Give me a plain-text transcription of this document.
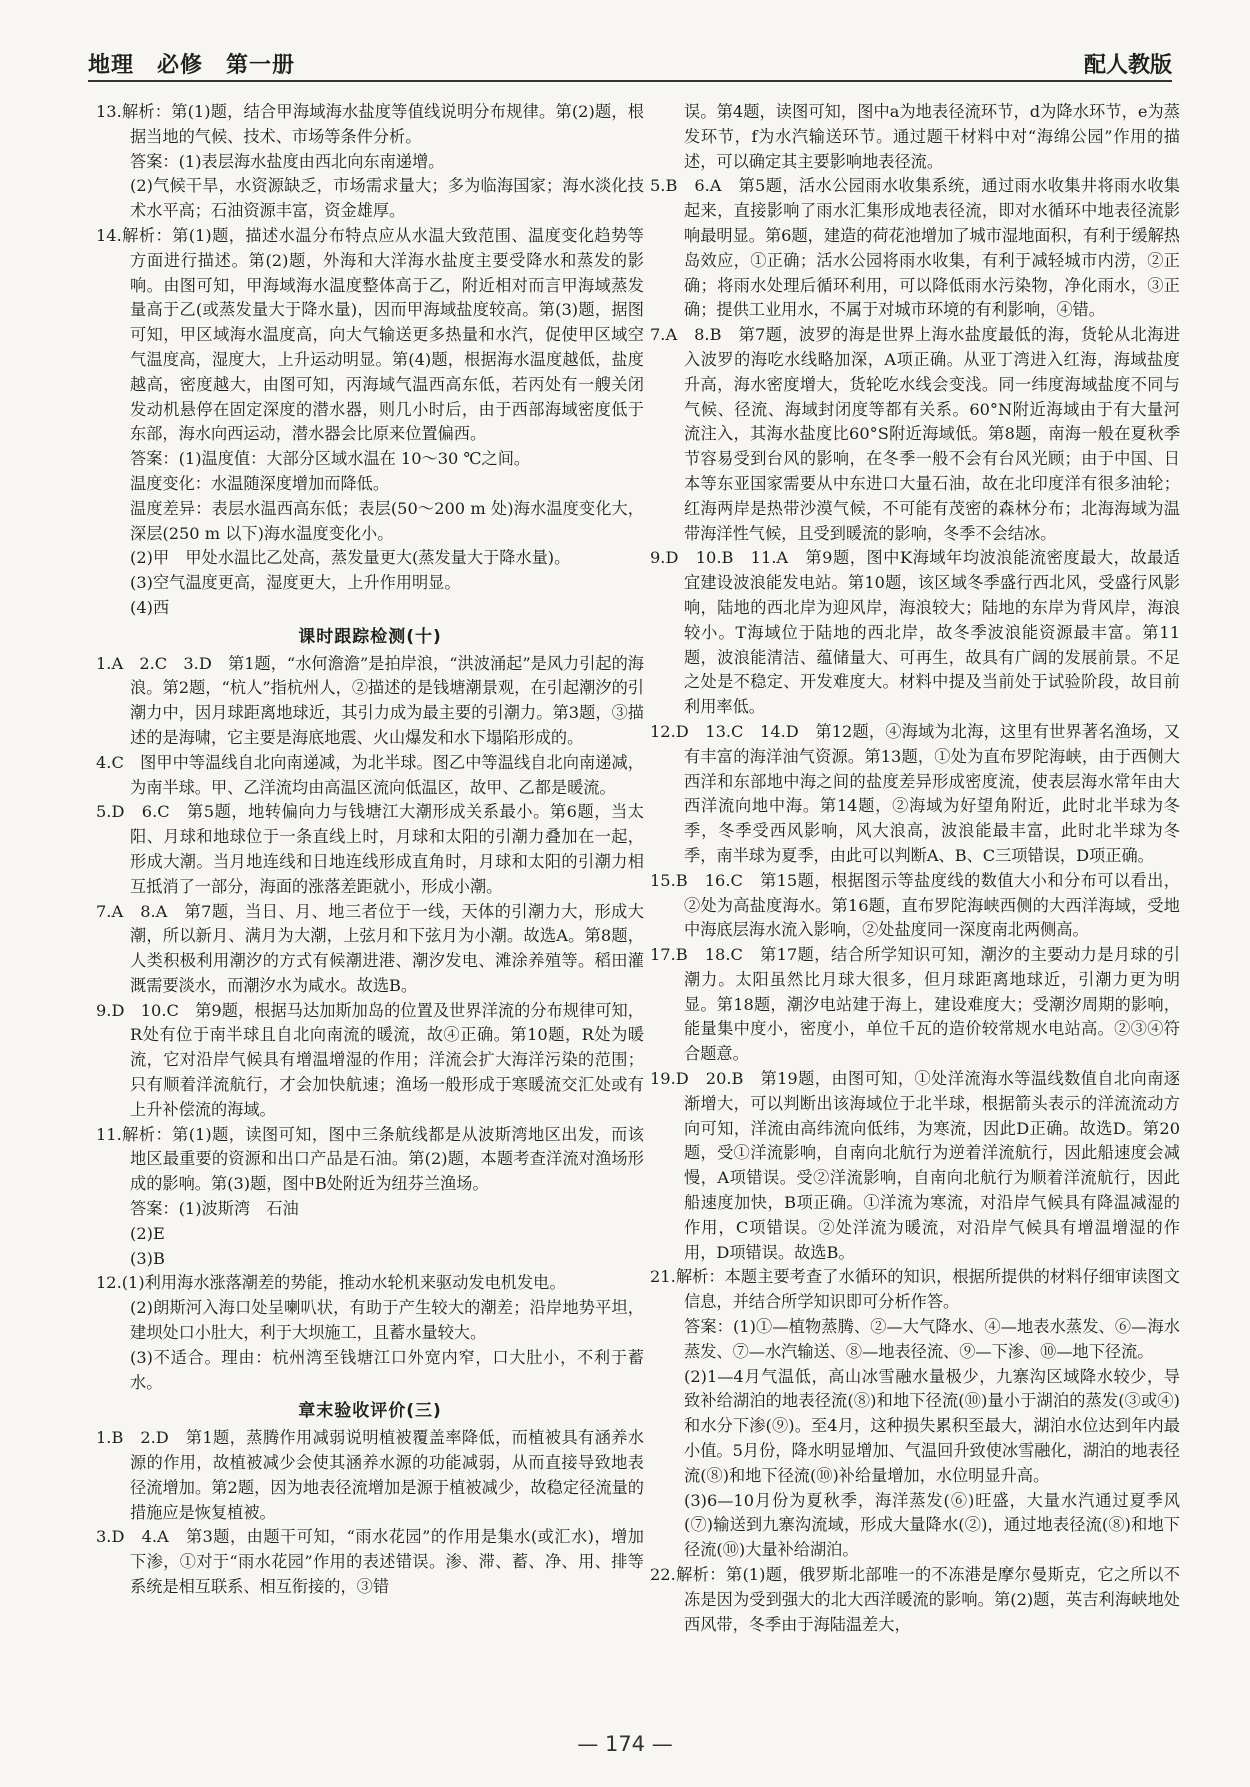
地理　必修　第一册	配人教版
13.解析：第(1)题，结合甲海域海水盐度等值线说明分布规律。第(2)题，根据当地的气候、技术、市场等条件分析。
答案：(1)表层海水盐度由西北向东南递增。
(2)气候干旱，水资源缺乏，市场需求量大；多为临海国家；海水淡化技术水平高；石油资源丰富，资金雄厚。
14.解析：第(1)题，描述水温分布特点应从水温大致范围、温度变化趋势等方面进行描述。第(2)题，外海和大洋海水盐度主要受降水和蒸发的影响。由图可知，甲海域海水温度整体高于乙，附近相对而言甲海域蒸发量高于乙(或蒸发量大于降水量)，因而甲海域盐度较高。第(3)题，据图可知，甲区域海水温度高，向大气输送更多热量和水汽，促使甲区域空气温度高，湿度大，上升运动明显。第(4)题，根据海水温度越低，盐度越高，密度越大，由图可知，丙海域气温西高东低，若丙处有一艘关闭发动机悬停在固定深度的潜水器，则几小时后，由于西部海域密度低于东部，海水向西运动，潜水器会比原来位置偏西。
答案：(1)温度值：大部分区域水温在 10～30 ℃之间。
温度变化：水温随深度增加而降低。
温度差异：表层水温西高东低；表层(50～200 m 处)海水温度变化大，深层(250 m 以下)海水温度变化小。
(2)甲　甲处水温比乙处高，蒸发量更大(蒸发量大于降水量)。
(3)空气温度更高，湿度更大，上升作用明显。
(4)西
课时跟踪检测(十)
1.A　2.C　3.D　第1题，“水何澹澹”是拍岸浪，“洪波涌起”是风力引起的海浪。第2题，“杭人”指杭州人，②描述的是钱塘潮景观，在引起潮汐的引潮力中，因月球距离地球近，其引力成为最主要的引潮力。第3题，③描述的是海啸，它主要是海底地震、火山爆发和水下塌陷形成的。
4.C　图甲中等温线自北向南递减，为北半球。图乙中等温线自北向南递减，为南半球。甲、乙洋流均由高温区流向低温区，故甲、乙都是暖流。
5.D　6.C　第5题，地转偏向力与钱塘江大潮形成关系最小。第6题，当太阳、月球和地球位于一条直线上时，月球和太阳的引潮力叠加在一起，形成大潮。当月地连线和日地连线形成直角时，月球和太阳的引潮力相互抵消了一部分，海面的涨落差距就小，形成小潮。
7.A　8.A　第7题，当日、月、地三者位于一线，天体的引潮力大，形成大潮，所以新月、满月为大潮，上弦月和下弦月为小潮。故选A。第8题，人类积极利用潮汐的方式有候潮进港、潮汐发电、滩涂养殖等。稻田灌溉需要淡水，而潮汐水为咸水。故选B。
9.D　10.C　第9题，根据马达加斯加岛的位置及世界洋流的分布规律可知，R处有位于南半球且自北向南流的暖流，故④正确。第10题，R处为暖流，它对沿岸气候具有增温增湿的作用；洋流会扩大海洋污染的范围；只有顺着洋流航行，才会加快航速；渔场一般形成于寒暖流交汇处或有上升补偿流的海域。
11.解析：第(1)题，读图可知，图中三条航线都是从波斯湾地区出发，而该地区最重要的资源和出口产品是石油。第(2)题，本题考查洋流对渔场形成的影响。第(3)题，图中B处附近为纽芬兰渔场。
答案：(1)波斯湾　石油
(2)E
(3)B
12.(1)利用海水涨落潮差的势能，推动水轮机来驱动发电机发电。
(2)朗斯河入海口处呈喇叭状，有助于产生较大的潮差；沿岸地势平坦，建坝处口小肚大，利于大坝施工，且蓄水量较大。
(3)不适合。理由：杭州湾至钱塘江口外宽内窄，口大肚小，不利于蓄水。
章末验收评价(三)
1.B　2.D　第1题，蒸腾作用减弱说明植被覆盖率降低，而植被具有涵养水源的作用，故植被减少会使其涵养水源的功能减弱，从而直接导致地表径流增加。第2题，因为地表径流增加是源于植被减少，故稳定径流量的措施应是恢复植被。
3.D　4.A　第3题，由题干可知，“雨水花园”的作用是集水(或汇水)，增加下渗，①对于“雨水花园”作用的表述错误。渗、滞、蓄、净、用、排等系统是相互联系、相互衔接的，③错
误。第4题，读图可知，图中a为地表径流环节，d为降水环节，e为蒸发环节，f为水汽输送环节。通过题干材料中对“海绵公园”作用的描述，可以确定其主要影响地表径流。
5.B　6.A　第5题，活水公园雨水收集系统，通过雨水收集井将雨水收集起来，直接影响了雨水汇集形成地表径流，即对水循环中地表径流影响最明显。第6题，建造的荷花池增加了城市湿地面积，有利于缓解热岛效应，①正确；活水公园将雨水收集，有利于减轻城市内涝，②正确；将雨水处理后循环利用，可以降低雨水污染物，净化雨水，③正确；提供工业用水，不属于对城市环境的有利影响，④错。
7.A　8.B　第7题，波罗的海是世界上海水盐度最低的海，货轮从北海进入波罗的海吃水线略加深，A项正确。从亚丁湾进入红海，海域盐度升高，海水密度增大，货轮吃水线会变浅。同一纬度海域盐度不同与气候、径流、海域封闭度等都有关系。60°N附近海域由于有大量河流注入，其海水盐度比60°S附近海域低。第8题，南海一般在夏秋季节容易受到台风的影响，在冬季一般不会有台风光顾；由于中国、日本等东亚国家需要从中东进口大量石油，故在北印度洋有很多油轮；红海两岸是热带沙漠气候，不可能有茂密的森林分布；北海海域为温带海洋性气候，且受到暖流的影响，冬季不会结冰。
9.D　10.B　11.A　第9题，图中K海域年均波浪能流密度最大，故最适宜建设波浪能发电站。第10题，该区域冬季盛行西北风，受盛行风影响，陆地的西北岸为迎风岸，海浪较大；陆地的东岸为背风岸，海浪较小。T海域位于陆地的西北岸，故冬季波浪能资源最丰富。第11题，波浪能清洁、蕴储量大、可再生，故具有广阔的发展前景。不足之处是不稳定、开发难度大。材料中提及当前处于试验阶段，故目前利用率低。
12.D　13.C　14.D　第12题，④海域为北海，这里有世界著名渔场，又有丰富的海洋油气资源。第13题，①处为直布罗陀海峡，由于西侧大西洋和东部地中海之间的盐度差异形成密度流，使表层海水常年由大西洋流向地中海。第14题，②海域为好望角附近，此时北半球为冬季，冬季受西风影响，风大浪高，波浪能最丰富，此时北半球为冬季，南半球为夏季，由此可以判断A、B、C三项错误，D项正确。
15.B　16.C　第15题，根据图示等盐度线的数值大小和分布可以看出，②处为高盐度海水。第16题，直布罗陀海峡西侧的大西洋海域，受地中海底层海水流入影响，②处盐度同一深度南北两侧高。
17.B　18.C　第17题，结合所学知识可知，潮汐的主要动力是月球的引潮力。太阳虽然比月球大很多，但月球距离地球近，引潮力更为明显。第18题，潮汐电站建于海上，建设难度大；受潮汐周期的影响，能量集中度小，密度小，单位千瓦的造价较常规水电站高。②③④符合题意。
19.D　20.B　第19题，由图可知，①处洋流海水等温线数值自北向南逐渐增大，可以判断出该海域位于北半球，根据箭头表示的洋流流动方向可知，洋流由高纬流向低纬，为寒流，因此D正确。故选D。第20题，受①洋流影响，自南向北航行为逆着洋流航行，因此船速度会减慢，A项错误。受②洋流影响，自南向北航行为顺着洋流航行，因此船速度加快，B项正确。①洋流为寒流，对沿岸气候具有降温减湿的作用，C项错误。②处洋流为暖流，对沿岸气候具有增温增湿的作用，D项错误。故选B。
21.解析：本题主要考查了水循环的知识，根据所提供的材料仔细审读图文信息，并结合所学知识即可分析作答。
答案：(1)①—植物蒸腾、②—大气降水、④—地表水蒸发、⑥—海水蒸发、⑦—水汽输送、⑧—地表径流、⑨—下渗、⑩—地下径流。
(2)1—4月气温低，高山冰雪融水量极少，九寨沟区域降水较少，导致补给湖泊的地表径流(⑧)和地下径流(⑩)量小于湖泊的蒸发(③或④)和水分下渗(⑨)。至4月，这种损失累积至最大，湖泊水位达到年内最小值。5月份，降水明显增加、气温回升致使冰雪融化，湖泊的地表径流(⑧)和地下径流(⑩)补给量增加，水位明显升高。
(3)6—10月份为夏秋季，海洋蒸发(⑥)旺盛，大量水汽通过夏季风(⑦)输送到九寨沟流域，形成大量降水(②)，通过地表径流(⑧)和地下径流(⑩)大量补给湖泊。
22.解析：第(1)题，俄罗斯北部唯一的不冻港是摩尔曼斯克，它之所以不冻是因为受到强大的北大西洋暖流的影响。第(2)题，英吉利海峡地处西风带，冬季由于海陆温差大，
— 174 —
